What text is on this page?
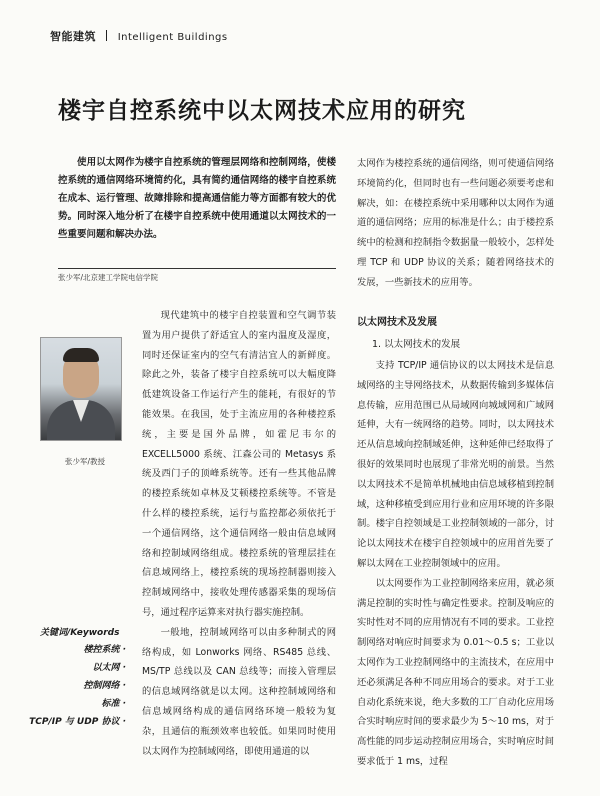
智能建筑 Intelligent Buildings
楼宇自控系统中以太网技术应用的研究
使用以太网作为楼宇自控系统的管理层网络和控制网络，使楼控系统的通信网络环境简约化，具有简约通信网络的楼宇自控系统在成本、运行管理、故障排除和提高通信能力等方面都有较大的优势。同时深入地分析了在楼宇自控系统中使用通道以太网技术的一些重要问题和解决办法。
张少军/北京建工学院电信学院
张少军/教授
关键词/Keywords
楼控系统 ·
以太网 ·
控制网络 ·
标准 ·
TCP/IP 与 UDP 协议 ·

现代建筑中的楼宇自控装置和空气调节装置为用户提供了舒适宜人的室内温度及湿度，同时还保证室内的空气有清洁宜人的新鲜度。除此之外，装备了楼宇自控系统可以大幅度降低建筑设备工作运行产生的能耗，有很好的节能效果。在我国，处于主流应用的各种楼控系统，主要是国外品牌，如霍尼韦尔的 EXCELL5000 系统、江森公司的 Metasys 系统及西门子的顶峰系统等。还有一些其他品牌的楼控系统如卓林及艾顿楼控系统等。不管是什么样的楼控系统，运行与监控都必须依托于一个通信网络，这个通信网络一般由信息域网络和控制域网络组成。楼控系统的管理层挂在信息域网络上，楼控系统的现场控制器则接入控制域网络中，接收处理传感器采集的现场信号，通过程序运算来对执行器实施控制。

一般地，控制域网络可以由多种制式的网络构成，如 Lonworks 网络、RS485 总线、MS/TP 总线以及 CAN 总线等；而接入管理层的信息域网络就是以太网。这种控制域网络和信息域网络构成的通信网络环境一般较为复杂，且通信的瓶颈效率也较低。如果同时使用以太网作为控制域网络，即使用通道的以

太网作为楼控系统的通信网络，则可使通信网络环境简约化，但同时也有一些问题必须要考虑和解决，如：在楼控系统中采用哪种以太网作为通道的通信网络；应用的标准是什么；由于楼控系统中的检测和控制指令数据量一般较小，怎样处理 TCP 和 UDP 协议的关系；随着网络技术的发展，一些新技术的应用等。

以太网技术及发展
1. 以太网技术的发展

支持 TCP/IP 通信协议的以太网技术是信息域网络的主导网络技术，从数据传输到多媒体信息传输，应用范围已从局域网向城域网和广域网延伸，大有一统网络的趋势。同时，以太网技术还从信息域向控制域延伸，这种延伸已经取得了很好的效果同时也展现了非常光明的前景。当然以太网技术不是简单机械地由信息域移植到控制域，这种移植受到应用行业和应用环境的许多限制。楼宇自控领域是工业控制领域的一部分，讨论以太网技术在楼宇自控领域中的应用首先要了解以太网在工业控制领域中的应用。

以太网要作为工业控制网络来应用，就必须满足控制的实时性与确定性要求。控制及响应的实时性对不同的应用情况有不同的要求。工业控制网络对响应时间要求为 0.01～0.5 s；工业以太网作为工业控制网络中的主流技术，在应用中还必须满足各种不同应用场合的要求。对于工业自动化系统来说，绝大多数的工厂自动化应用场合实时响应时间的要求最少为 5～10 ms，对于高性能的同步运动控制应用场合，实时响应时间要求低于 1 ms，过程
